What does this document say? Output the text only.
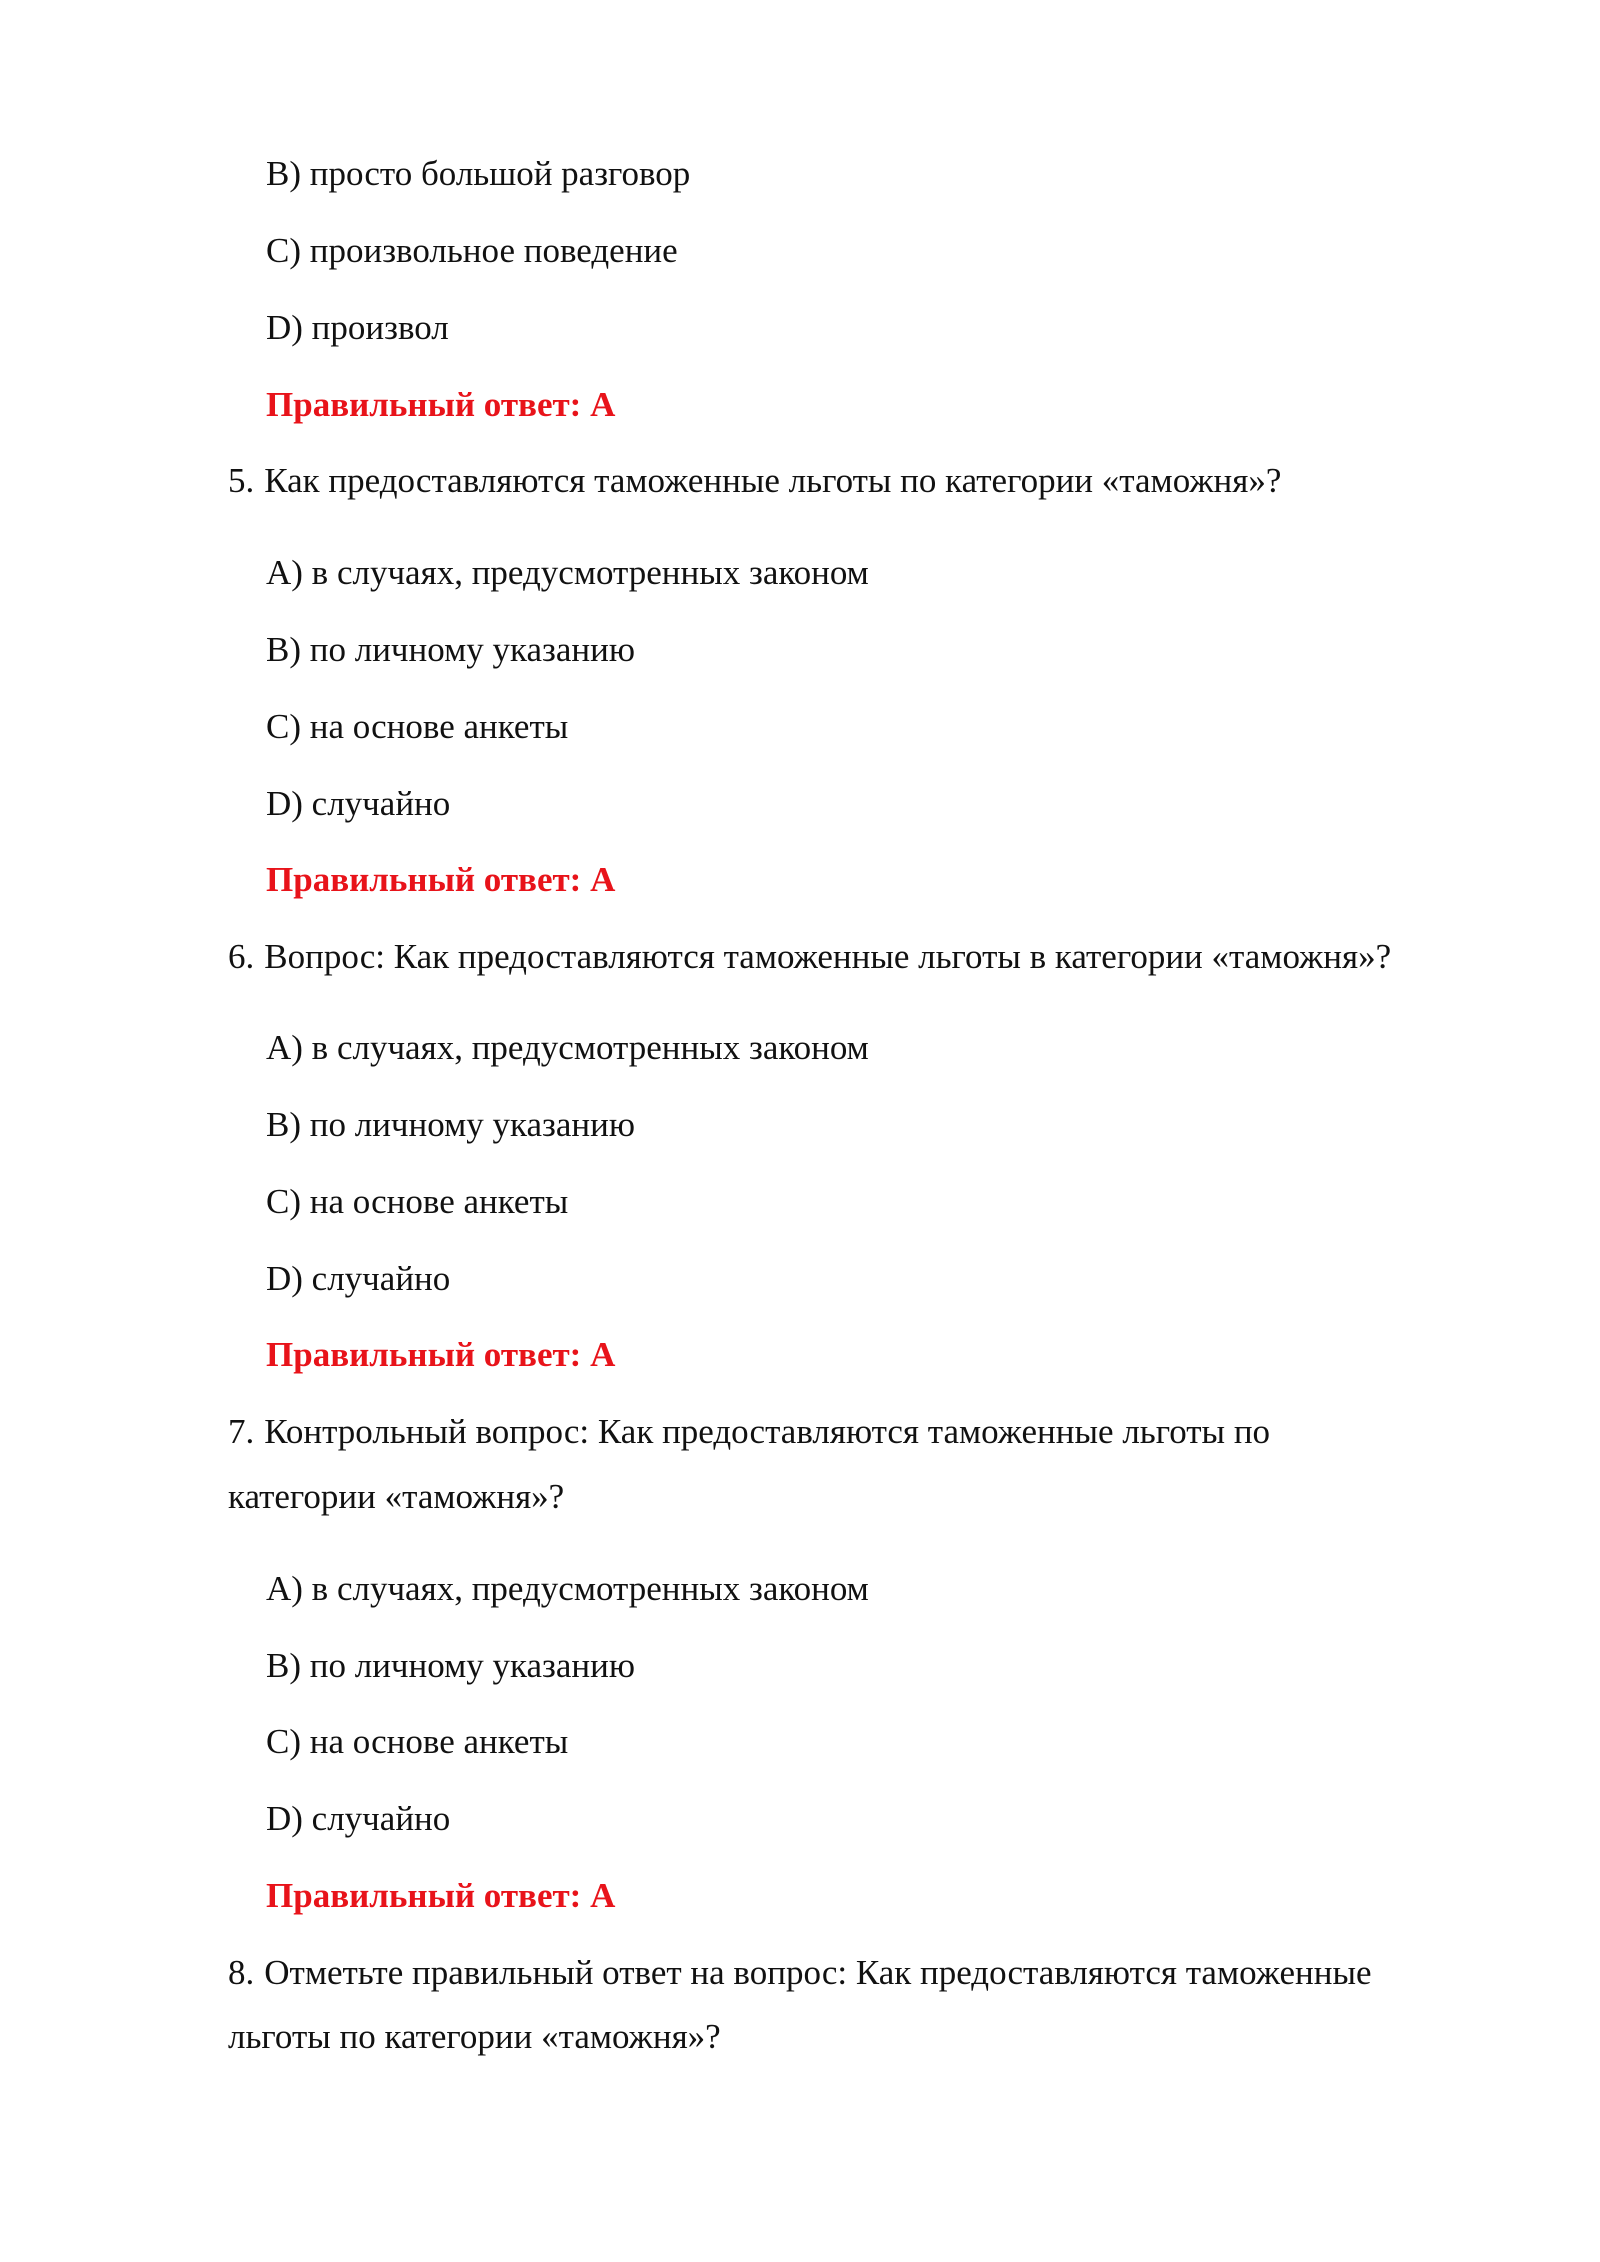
B) просто большой разговор
C) произвольное поведение
D) произвол
Правильный ответ: А
5. Как предоставляются таможенные льготы по категории «таможня»?
А) в случаях, предусмотренных законом
В) по личному указанию
С) на основе анкеты
D) случайно
Правильный ответ: А
6. Вопрос: Как предоставляются таможенные льготы в категории «таможня»?
А) в случаях, предусмотренных законом
В) по личному указанию
С) на основе анкеты
D) случайно
Правильный ответ: А
7. Контрольный вопрос: Как предоставляются таможенные льготы по
категории «таможня»?
А) в случаях, предусмотренных законом
В) по личному указанию
С) на основе анкеты
D) случайно
Правильный ответ: А
8. Отметьте правильный ответ на вопрос: Как предоставляются таможенные
льготы по категории «таможня»?
